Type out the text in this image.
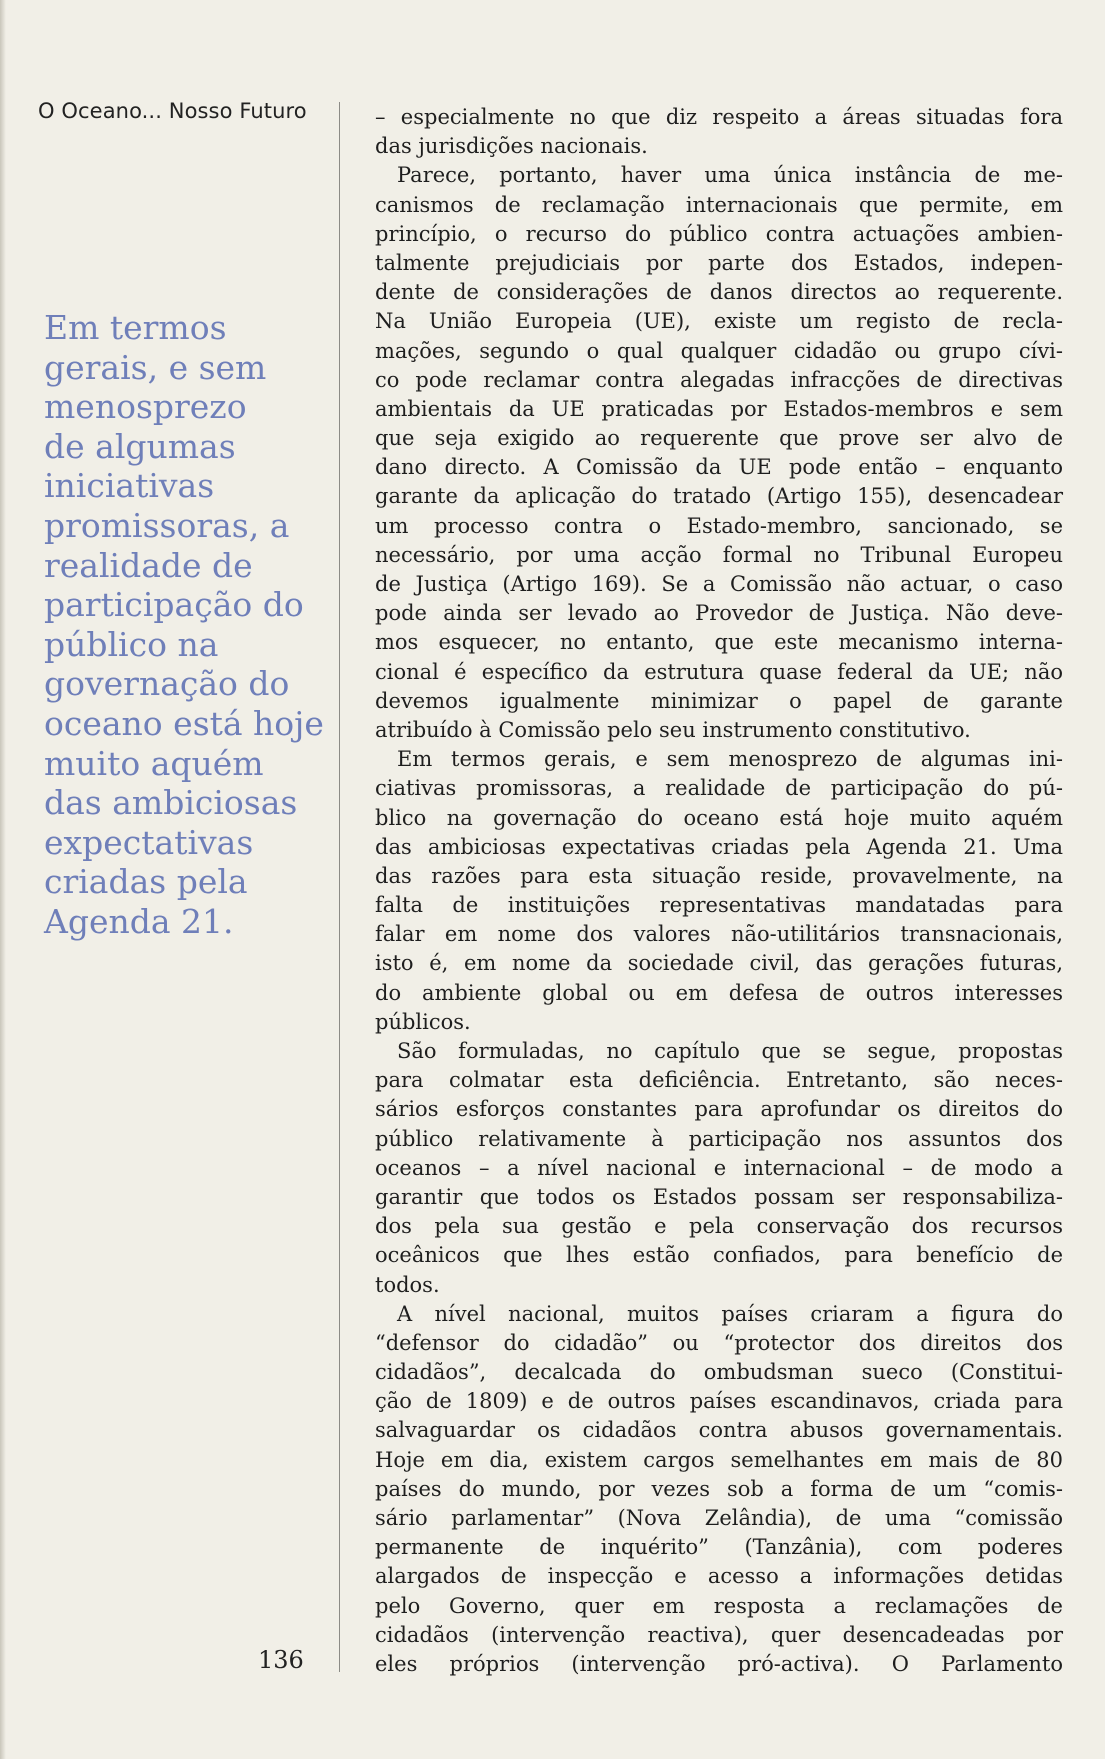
O Oceano... Nosso Futuro
Em termos
gerais, e sem
menosprezo
de algumas
iniciativas
promissoras, a
realidade de
participação do
público na
governação do
oceano está hoje
muito aquém
das ambiciosas
expectativas
criadas pela
Agenda 21.
136
– especialmente no que diz respeito a áreas situadas fora
das jurisdições nacionais.
Parece, portanto, haver uma única instância de me-
canismos de reclamação internacionais que permite, em
princípio, o recurso do público contra actuações ambien-
talmente prejudiciais por parte dos Estados, indepen-
dente de considerações de danos directos ao requerente.
Na União Europeia (UE), existe um registo de recla-
mações, segundo o qual qualquer cidadão ou grupo cívi-
co pode reclamar contra alegadas infracções de directivas
ambientais da UE praticadas por Estados-membros e sem
que seja exigido ao requerente que prove ser alvo de
dano directo. A Comissão da UE pode então – enquanto
garante da aplicação do tratado (Artigo 155), desencadear
um processo contra o Estado-membro, sancionado, se
necessário, por uma acção formal no Tribunal Europeu
de Justiça (Artigo 169). Se a Comissão não actuar, o caso
pode ainda ser levado ao Provedor de Justiça. Não deve-
mos esquecer, no entanto, que este mecanismo interna-
cional é específico da estrutura quase federal da UE; não
devemos igualmente minimizar o papel de garante
atribuído à Comissão pelo seu instrumento constitutivo.
Em termos gerais, e sem menosprezo de algumas ini-
ciativas promissoras, a realidade de participação do pú-
blico na governação do oceano está hoje muito aquém
das ambiciosas expectativas criadas pela Agenda 21. Uma
das razões para esta situação reside, provavelmente, na
falta de instituições representativas mandatadas para
falar em nome dos valores não-utilitários transnacionais,
isto é, em nome da sociedade civil, das gerações futuras,
do ambiente global ou em defesa de outros interesses
públicos.
São formuladas, no capítulo que se segue, propostas
para colmatar esta deficiência. Entretanto, são neces-
sários esforços constantes para aprofundar os direitos do
público relativamente à participação nos assuntos dos
oceanos – a nível nacional e internacional – de modo a
garantir que todos os Estados possam ser responsabiliza-
dos pela sua gestão e pela conservação dos recursos
oceânicos que lhes estão confiados, para benefício de
todos.
A nível nacional, muitos países criaram a figura do
“defensor do cidadão” ou “protector dos direitos dos
cidadãos”, decalcada do ombudsman sueco (Constitui-
ção de 1809) e de outros países escandinavos, criada para
salvaguardar os cidadãos contra abusos governamentais.
Hoje em dia, existem cargos semelhantes em mais de 80
países do mundo, por vezes sob a forma de um “comis-
sário parlamentar” (Nova Zelândia), de uma “comissão
permanente de inquérito” (Tanzânia), com poderes
alargados de inspecção e acesso a informações detidas
pelo Governo, quer em resposta a reclamações de
cidadãos (intervenção reactiva), quer desencadeadas por
eles próprios (intervenção pró-activa). O Parlamento
